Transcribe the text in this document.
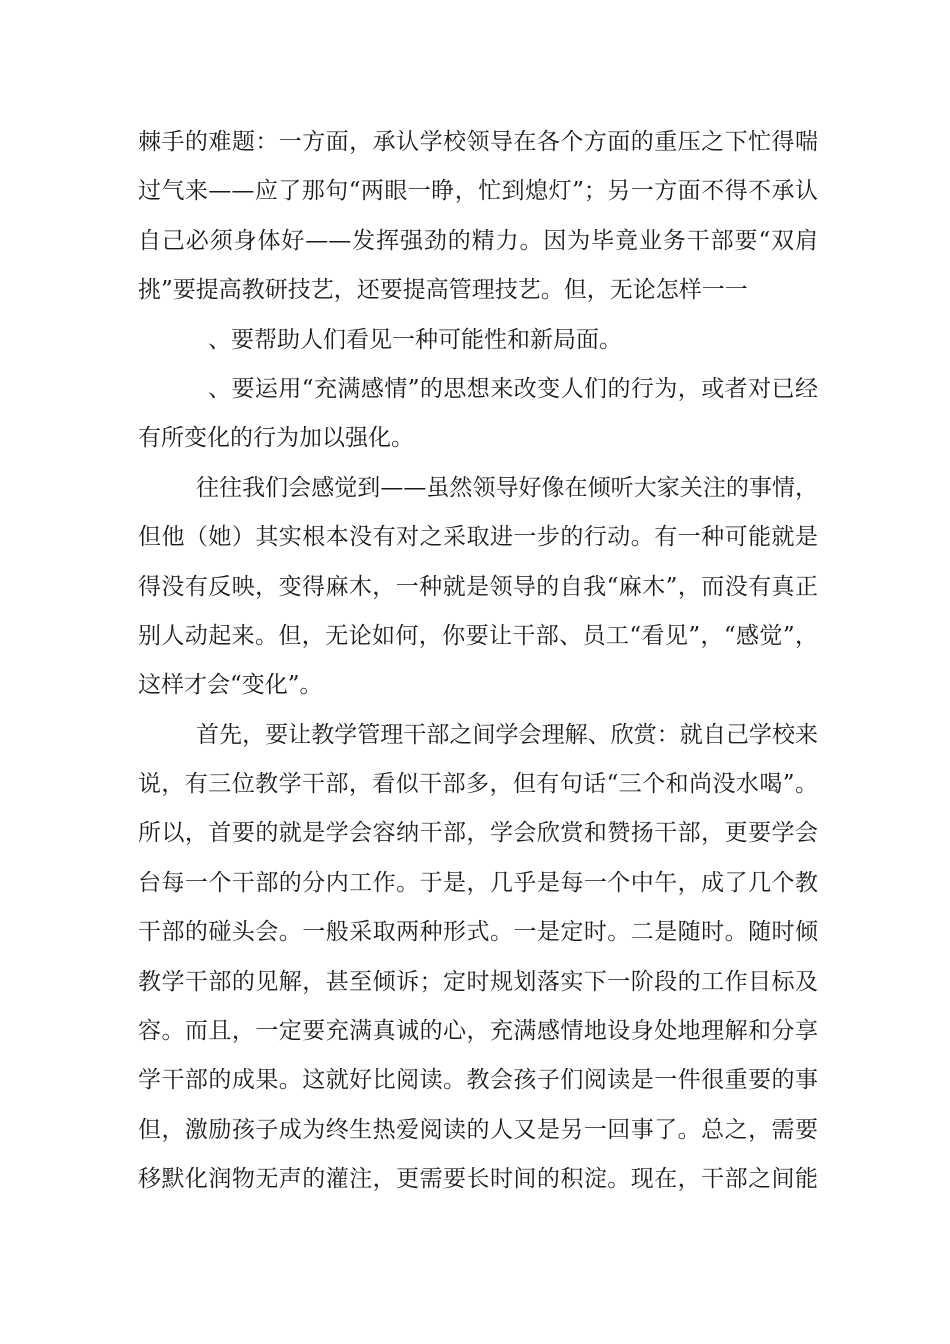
棘手的难题：一方面，承认学校领导在各个方面的重压之下忙得喘
过气来——应了那句“两眼一睁，忙到熄灯”；另一方面不得不承认
自己必须身体好——发挥强劲的精力。因为毕竟业务干部要“双肩
挑”要提高教研技艺，还要提高管理技艺。但，无论怎样一一
、要帮助人们看见一种可能性和新局面。
、要运用“充满感情”的思想来改变人们的行为，或者对已经
有所变化的行为加以强化。
往往我们会感觉到——虽然领导好像在倾听大家关注的事情，
但他（她）其实根本没有对之采取进一步的行动。有一种可能就是
得没有反映，变得麻木，一种就是领导的自我“麻木”，而没有真正
别人动起来。但，无论如何，你要让干部、员工“看见”，“感觉”，
这样才会“变化”。
首先，要让教学管理干部之间学会理解、欣赏：就自己学校来
说，有三位教学干部，看似干部多，但有句话“三个和尚没水喝”。
所以，首要的就是学会容纳干部，学会欣赏和赞扬干部，更要学会
台每一个干部的分内工作。于是，几乎是每一个中午，成了几个教
干部的碰头会。一般采取两种形式。一是定时。二是随时。随时倾
教学干部的见解，甚至倾诉；定时规划落实下一阶段的工作目标及
容。而且，一定要充满真诚的心，充满感情地设身处地理解和分享
学干部的成果。这就好比阅读。教会孩子们阅读是一件很重要的事
但，激励孩子成为终生热爱阅读的人又是另一回事了。总之，需要
移默化润物无声的灌注，更需要长时间的积淀。现在，干部之间能
